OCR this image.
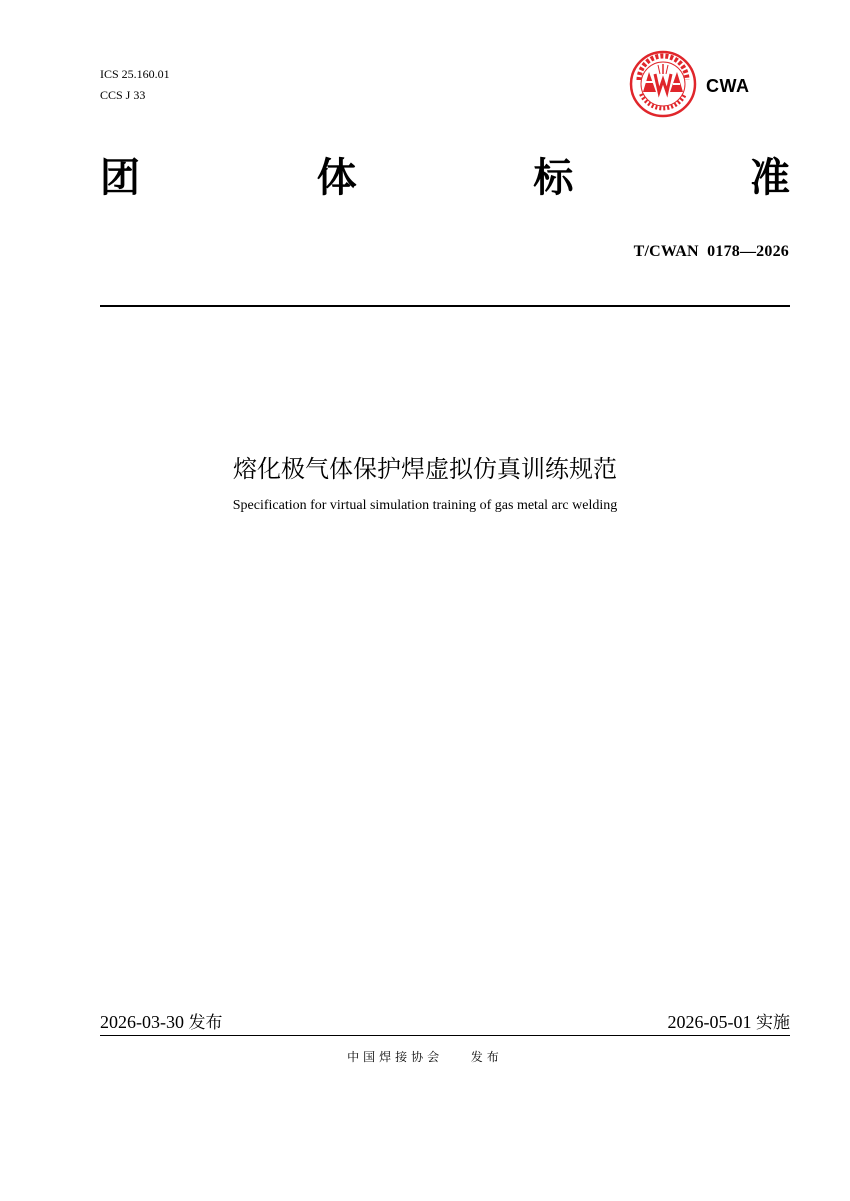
ICS 25.160.01
CCS J 33	CWA
团	体	标	准
T/CWAN  0178—2026
熔化极气体保护焊虚拟仿真训练规范
Specification for virtual simulation training of gas metal arc welding
2026-03-30 发布	2026-05-01 实施
中国焊接协会  发布
